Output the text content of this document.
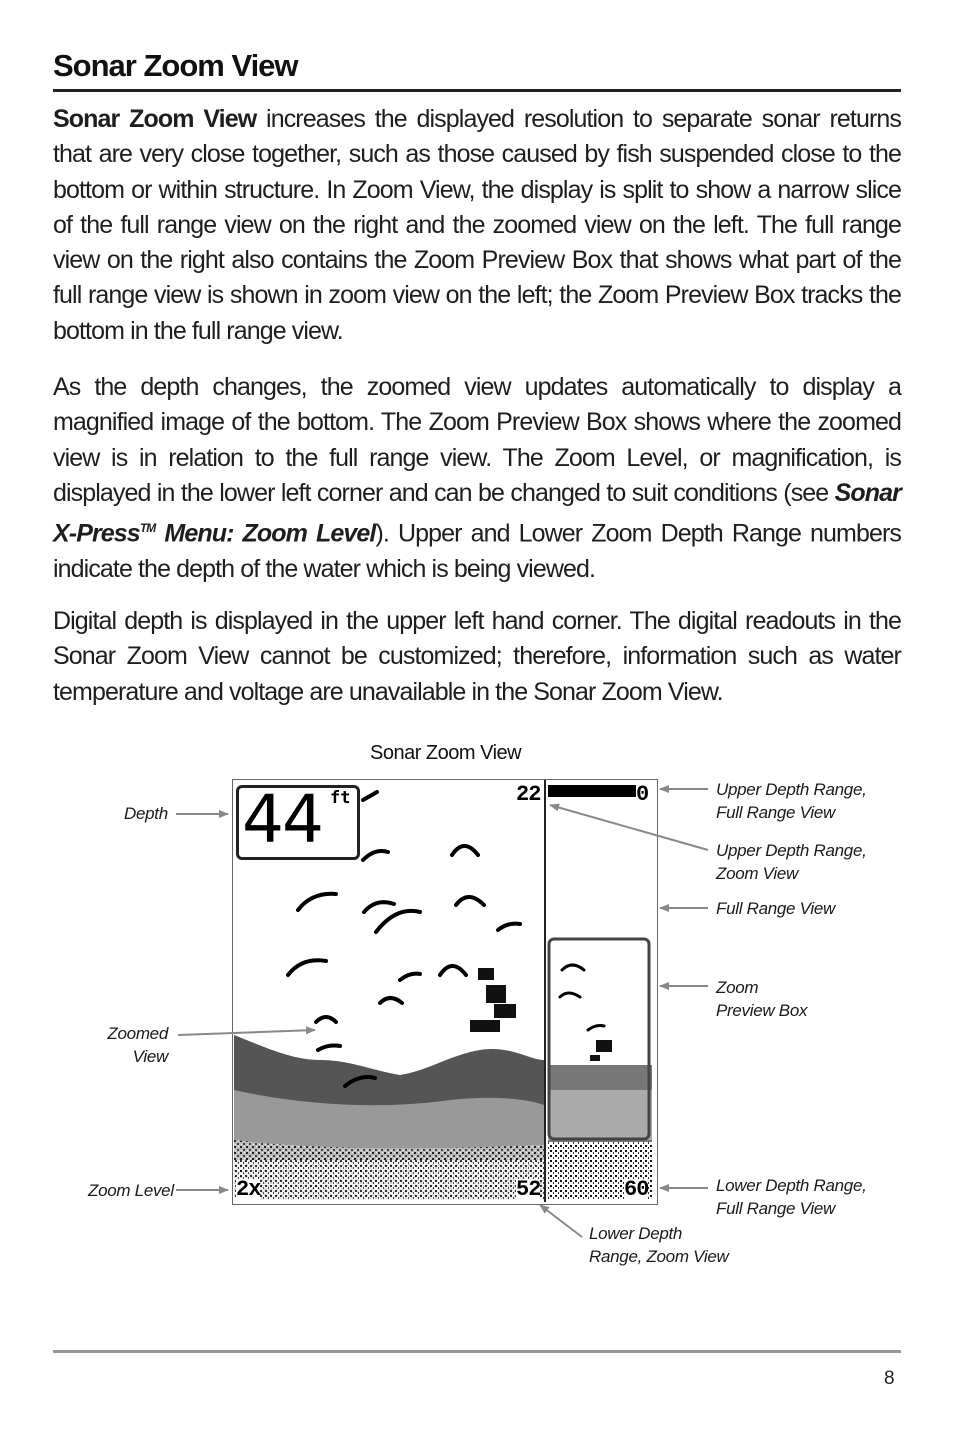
Sonar Zoom View
Sonar Zoom View increases the displayed resolution to separate sonar returns that are very close together, such as those caused by fish suspended close to the bottom or within structure. In Zoom View, the display is split to show a narrow slice of the full range view on the right and the zoomed view on the left. The full range view on the right also contains the Zoom Preview Box that shows what part of the full range view is shown in zoom view on the left; the Zoom Preview Box tracks the bottom in the full range view.
As the depth changes, the zoomed view updates automatically to display a magnified image of the bottom. The Zoom Preview Box shows where the zoomed view is in relation to the full range view. The Zoom Level, or magnification, is displayed in the lower left corner and can be changed to suit conditions (see Sonar X-Press™ Menu: Zoom Level). Upper and Lower Zoom Depth Range numbers indicate the depth of the water which is being viewed.
Digital depth is displayed in the upper left hand corner. The digital readouts in the Sonar Zoom View cannot be customized; therefore, information such as water temperature and voltage are unavailable in the Sonar Zoom View.
Sonar Zoom View
44 ft	22	0
52	60
2x
Depth
Zoomed
View
Zoom Level
Upper Depth Range,
Full Range View
Upper Depth Range,
Zoom View
Full Range View
Zoom
Preview Box
Lower Depth Range,
Full Range View
Lower Depth
Range, Zoom View
8
